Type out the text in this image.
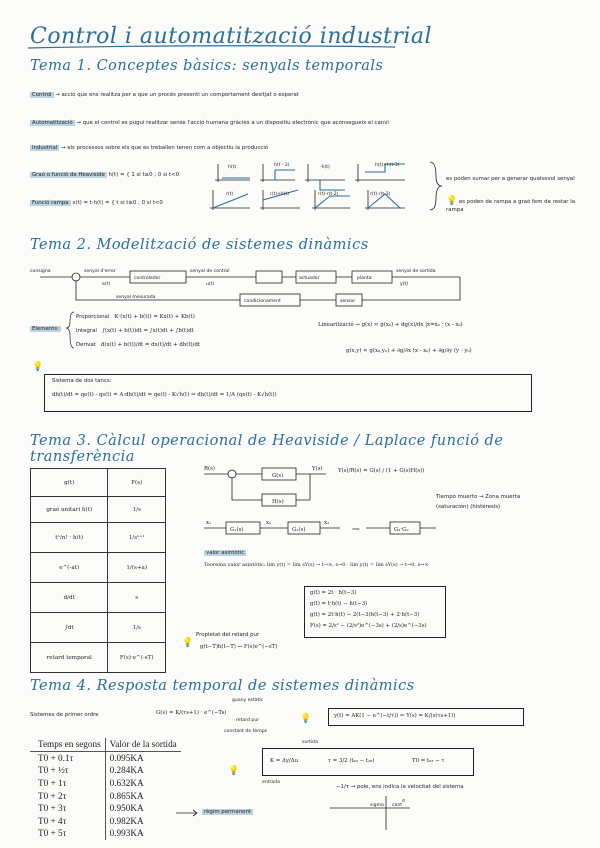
Control i automatització industrial
Tema 1. Conceptes bàsics: senyals temporals
Control → acció que ens realitza per a que un procés presenti un comportament desitjat o esperat
Automatització → que el control es pugui realitzar sense l'acció humana gràcies a un dispositiu electrònic que aconsegueix el canvi
Industrial → els processos sobre els que es treballen tenen com a objectiu la producció
Graó o funció de Heaviside h(t) = { 1 si t≥0 ; 0 si t<0
Funció rampa x(t) = t·h(t) = { t si t≥0 ; 0 si t<0
h(t)	h(t - 2)	-h(t)	h(t)+h(t-3)
r(t)	r(t)+h(t)	r(t)-r(t-2)	r(t)-r(t-3)
es poden sumar per a generar qualsevol senyal
💡 es poden de rampa a graó fem de restar la rampa
Tema 2. Modelització de sistemes dinàmics
consigna	senyal d'error
controlador
senyal de control
planta
actuador
sensor
condicionament
senyal de sortida
senyal mesurada
e(t)	u(t)	y(t)
Elements:
Proporcional K·(x(t) + b(t)) = Kx(t) + Kb(t)
Integral ∫(x(t) + b(t))dt = ∫x(t)dt + ∫b(t)dt
Derivat d(x(t) + b(t))/dt = dx(t)/dt + db(t)/dt
Linearització → g(x) ≈ g(x₀) + dg(x)/dx |x=x₀ · (x - x₀)
g(x,y) ≈ g(x₀,y₀) + ∂g/∂x (x - x₀) + ∂g/∂y (y - y₀)
💡
Sistema de dos tancs:
dh(t)/dt = qe(t) - qs(t) = A·dh(t)/dt = qe(t) - K√h(t) ⇒ dh(t)/dt = 1/A (qe(t) - K√h(t))
Tema 3. Càlcul operacional de Heaviside / Laplace funció de transferència
g(t)	F(s)
graó unitari h(t)	1/s
tⁿ/n! · h(t)	1/sⁿ⁺¹
e^(-at)	1/(s+a)
d/dt	s
∫dt	1/s
retard temporal	F(s)·e^(-sT)
R(s)	Y(s)
G(s)
H(s)
x₁
G₁(s)
x₂
G₂(s)
x₃
G₁·G₂
⟹
Y(s)/R(s) = G(s) / (1 + G(s)H(s))
Tiempo muerto → Zona muerta
(saturación) (histéresis)
valor asintòtic
Teorema valor asintòtic: lim y(t) = lim sY(s) → t→∞, s→0 · lim y(t) = lim sY(s) → t→0, s→∞
g(t) = 2t · h(t−3)
g(t) = t·h(t) − h(t−3)
g(t) = 2t·h(t) − 2(t−3)h(t−3) + 2·h(t−3)
F(s) = 2/s² − (2/s²)e^(−3s) + (2/s)e^(−3s)
💡
Propietat del retard pur
g(t−T)h(t−T) → F(s)e^(−sT)
Tema 4. Resposta temporal de sistemes dinàmics
Sistemes de primer ordre	G(s) = K/(τs+1) · e^(−Ts)
guany estàtic
retard pur
constant de temps
💡	y(t) = AK(1 − e^(−t/τ)) ⇐ Y(s) = K/(s(τs+1))
Temps en segons	Valor de la sortida
T0 + 0.1τ	0.095KA
T0 + ½τ	0.284KA
T0 + 1τ	0.632KA
T0 + 2τ	0.865KA
T0 + 3τ	0.950KA
T0 + 4τ	0.982KA
T0 + 5τ	0.993KA
règim permanent
💡
K = Δy/Δu	τ = 3/2 (t₆₃ − t₂₈)	T0 = t₆₃ − τ
sortida
entrada
−1/τ → pole, ens indica la velocitat del sistema
sigma cant
σ
